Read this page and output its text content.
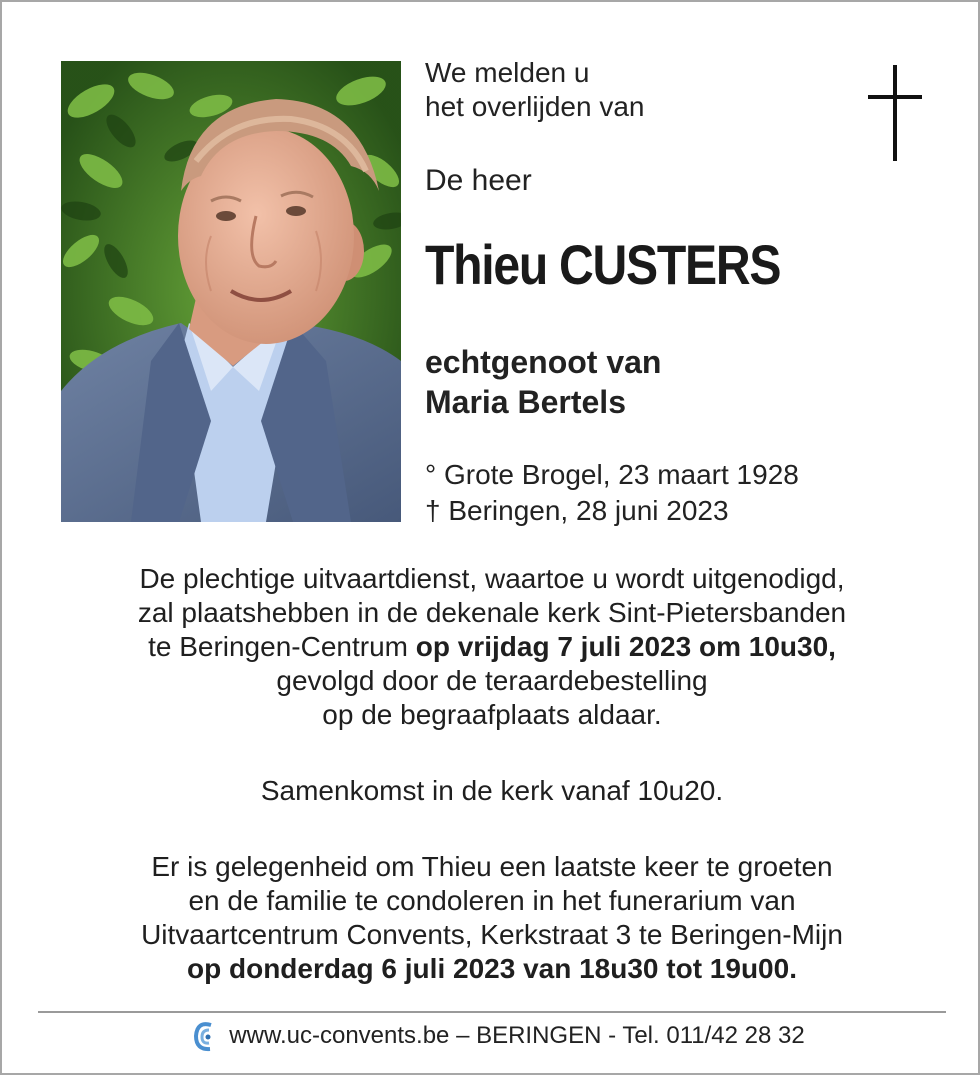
We melden u
het overlijden van
De heer
Thieu CUSTERS
echtgenoot van
Maria Bertels
° Grote Brogel, 23 maart 1928
† Beringen, 28 juni 2023

De plechtige uitvaartdienst, waartoe u wordt uitgenodigd,

zal plaatshebben in de dekenale kerk Sint-Pietersbanden

te Beringen-Centrum op vrijdag 7 juli 2023 om 10u30,

gevolgd door de teraardebestelling

op de begraafplaats aldaar.

Samenkomst in de kerk vanaf 10u20.

Er is gelegenheid om Thieu een laatste keer te groeten

en de familie te condoleren in het funerarium van

Uitvaartcentrum Convents, Kerkstraat 3 te Beringen-Mijn

op donderdag 6 juli 2023 van 18u30 tot 19u00.

www.uc-convents.be – BERINGEN - Tel. 011/42 28 32
